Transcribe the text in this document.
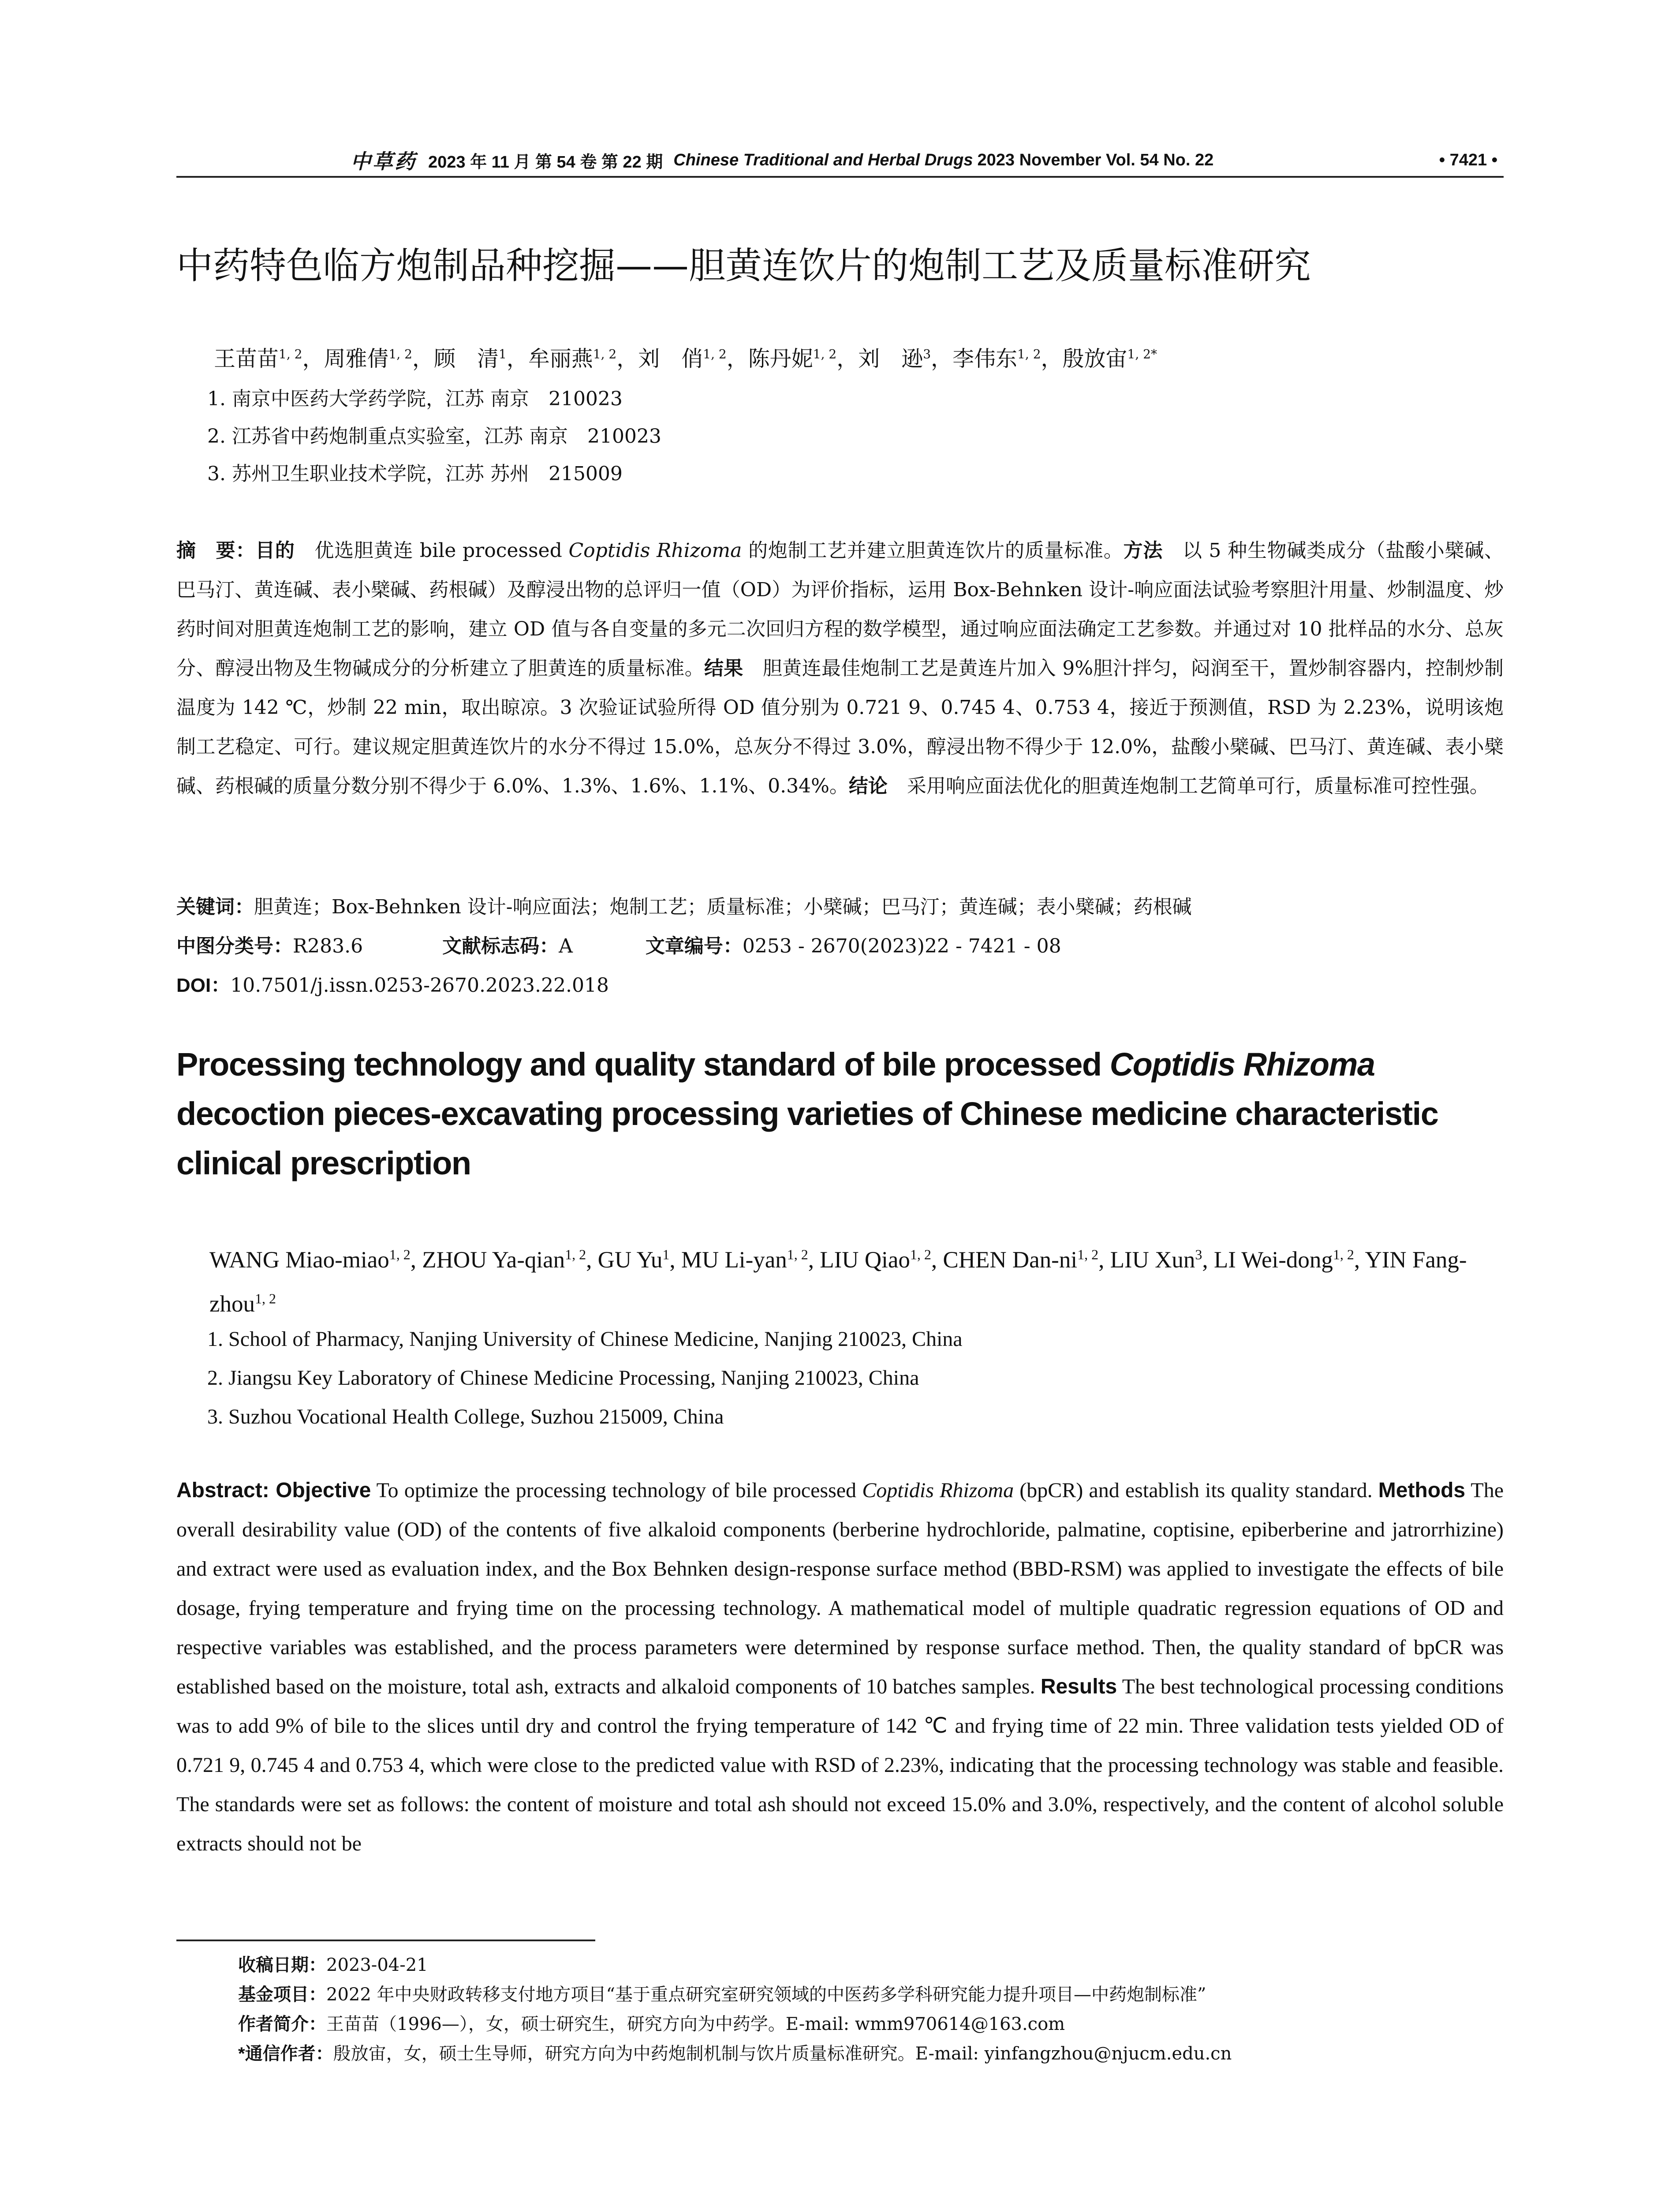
中草药 2023 年 11 月 第 54 卷 第 22 期 Chinese Traditional and Herbal Drugs 2023 November Vol. 54 No. 22	• 7421 •
中药特色临方炮制品种挖掘——胆黄连饮片的炮制工艺及质量标准研究
王苗苗$^{1, 2}$，周雅倩$^{1, 2}$，顾　清$^1$，牟丽燕$^{1, 2}$，刘　俏$^{1, 2}$，陈丹妮$^{1, 2}$，刘　逊$^3$，李伟东$^{1, 2}$，殷放宙$^{1, 2*}$
1. 南京中医药大学药学院，江苏 南京　210023
2. 江苏省中药炮制重点实验室，江苏 南京　210023
3. 苏州卫生职业技术学院，江苏 苏州　215009
摘　要：目的　优选胆黄连 bile processed Coptidis Rhizoma 的炮制工艺并建立胆黄连饮片的质量标准。方法　以 5 种生物碱类成分（盐酸小檗碱、巴马汀、黄连碱、表小檗碱、药根碱）及醇浸出物的总评归一值（OD）为评价指标，运用 Box-Behnken 设计-响应面法试验考察胆汁用量、炒制温度、炒药时间对胆黄连炮制工艺的影响，建立 OD 值与各自变量的多元二次回归方程的数学模型，通过响应面法确定工艺参数。并通过对 10 批样品的水分、总灰分、醇浸出物及生物碱成分的分析建立了胆黄连的质量标准。结果　胆黄连最佳炮制工艺是黄连片加入 9%胆汁拌匀，闷润至干，置炒制容器内，控制炒制温度为 142 ℃，炒制 22 min，取出晾凉。3 次验证试验所得 OD 值分别为 0.721 9、0.745 4、0.753 4，接近于预测值，RSD 为 2.23%，说明该炮制工艺稳定、可行。建议规定胆黄连饮片的水分不得过 15.0%，总灰分不得过 3.0%，醇浸出物不得少于 12.0%，盐酸小檗碱、巴马汀、黄连碱、表小檗碱、药根碱的质量分数分别不得少于 6.0%、1.3%、1.6%、1.1%、0.34%。结论　采用响应面法优化的胆黄连炮制工艺简单可行，质量标准可控性强。
关键词：胆黄连；Box-Behnken 设计-响应面法；炮制工艺；质量标准；小檗碱；巴马汀；黄连碱；表小檗碱；药根碱
中图分类号：R283.6	文献标志码：A	文章编号：0253 - 2670(2023)22 - 7421 - 08
DOI：10.7501/j.issn.0253-2670.2023.22.018
Processing technology and quality standard of bile processed Coptidis Rhizoma decoction pieces-excavating processing varieties of Chinese medicine characteristic clinical prescription
WANG Miao-miao$^{1, 2}$, ZHOU Ya-qian$^{1, 2}$, GU Yu$^1$, MU Li-yan$^{1, 2}$, LIU Qiao$^{1, 2}$, CHEN Dan-ni$^{1, 2}$, LIU Xun$^3$, LI Wei-dong$^{1, 2}$, YIN Fang-zhou$^{1, 2}$
1. School of Pharmacy, Nanjing University of Chinese Medicine, Nanjing 210023, China
2. Jiangsu Key Laboratory of Chinese Medicine Processing, Nanjing 210023, China
3. Suzhou Vocational Health College, Suzhou 215009, China
Abstract: Objective To optimize the processing technology of bile processed Coptidis Rhizoma (bpCR) and establish its quality standard. Methods The overall desirability value (OD) of the contents of five alkaloid components (berberine hydrochloride, palmatine, coptisine, epiberberine and jatrorrhizine) and extract were used as evaluation index, and the Box Behnken design-response surface method (BBD-RSM) was applied to investigate the effects of bile dosage, frying temperature and frying time on the processing technology. A mathematical model of multiple quadratic regression equations of OD and respective variables was established, and the process parameters were determined by response surface method. Then, the quality standard of bpCR was established based on the moisture, total ash, extracts and alkaloid components of 10 batches samples. Results The best technological processing conditions was to add 9% of bile to the slices until dry and control the frying temperature of 142 ℃ and frying time of 22 min. Three validation tests yielded OD of 0.721 9, 0.745 4 and 0.753 4, which were close to the predicted value with RSD of 2.23%, indicating that the processing technology was stable and feasible. The standards were set as follows: the content of moisture and total ash should not exceed 15.0% and 3.0%, respectively, and the content of alcohol soluble extracts should not be
收稿日期：2023-04-21
基金项目：2022 年中央财政转移支付地方项目“基于重点研究室研究领域的中医药多学科研究能力提升项目—中药炮制标准”
作者简介：王苗苗（1996—），女，硕士研究生，研究方向为中药学。E-mail: wmm970614@163.com
*通信作者：殷放宙，女，硕士生导师，研究方向为中药炮制机制与饮片质量标准研究。E-mail: yinfangzhou@njucm.edu.cn
